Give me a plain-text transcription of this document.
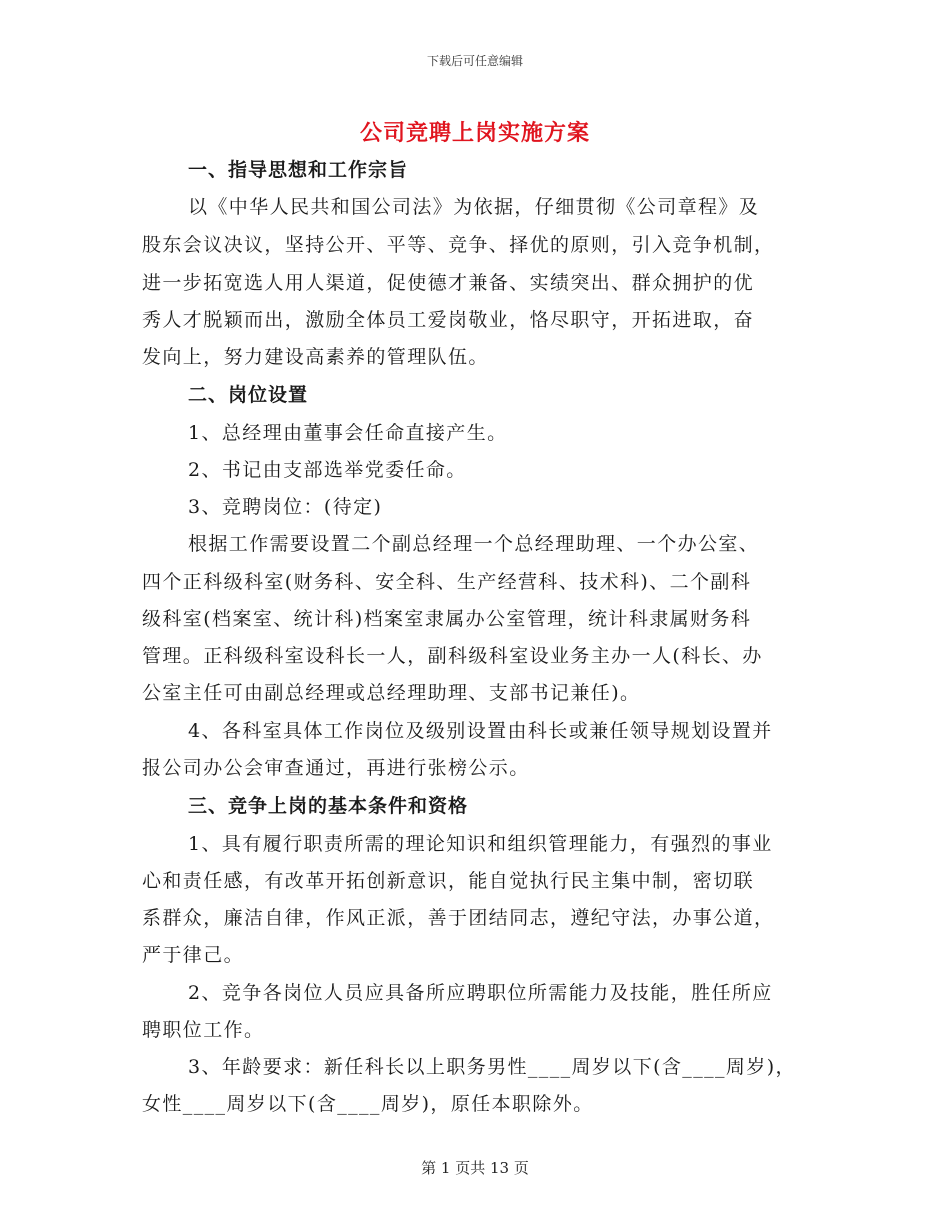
下载后可任意编辑
公司竞聘上岗实施方案
一、指导思想和工作宗旨
以《中华人民共和国公司法》为依据，仔细贯彻《公司章程》及
股东会议决议，坚持公开、平等、竞争、择优的原则，引入竞争机制，
进一步拓宽选人用人渠道，促使德才兼备、实绩突出、群众拥护的优
秀人才脱颖而出，激励全体员工爱岗敬业，恪尽职守，开拓进取，奋
发向上，努力建设高素养的管理队伍。
二、岗位设置
1、总经理由董事会任命直接产生。
2、书记由支部选举党委任命。
3、竞聘岗位：(待定)
根据工作需要设置二个副总经理一个总经理助理、一个办公室、
四个正科级科室(财务科、安全科、生产经营科、技术科)、二个副科
级科室(档案室、统计科)档案室隶属办公室管理，统计科隶属财务科
管理。正科级科室设科长一人，副科级科室设业务主办一人(科长、办
公室主任可由副总经理或总经理助理、支部书记兼任)。
4、各科室具体工作岗位及级别设置由科长或兼任领导规划设置并
报公司办公会审查通过，再进行张榜公示。
三、竞争上岗的基本条件和资格
1、具有履行职责所需的理论知识和组织管理能力，有强烈的事业
心和责任感，有改革开拓创新意识，能自觉执行民主集中制，密切联
系群众，廉洁自律，作风正派，善于团结同志，遵纪守法，办事公道，
严于律己。
2、竞争各岗位人员应具备所应聘职位所需能力及技能，胜任所应
聘职位工作。
3、年龄要求：新任科长以上职务男性____周岁以下(含____周岁)，
女性____周岁以下(含____周岁)，原任本职除外。
第 1 页共 13 页
